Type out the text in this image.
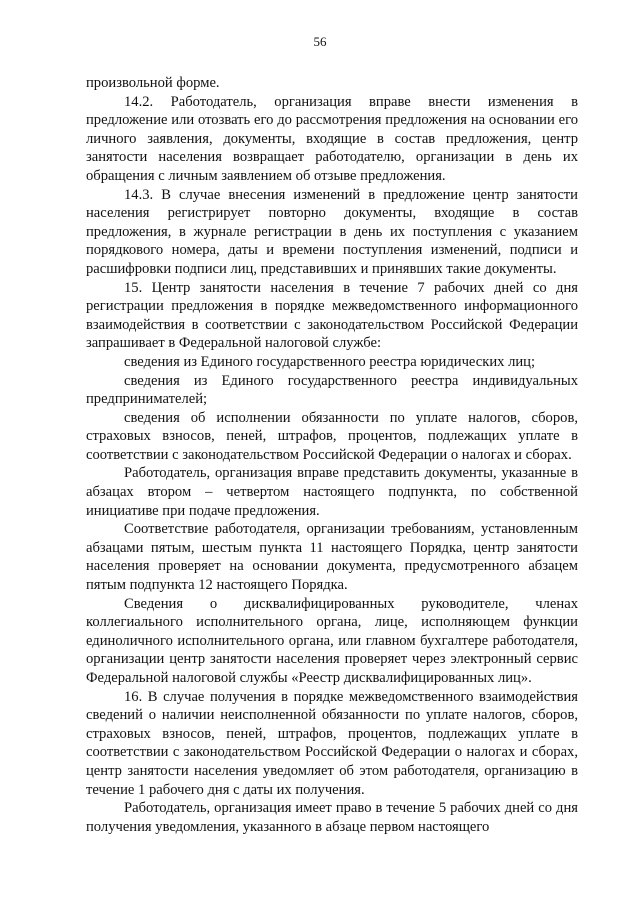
56

произвольной форме.

14.2. Работодатель, организация вправе внести изменения в предложение или отозвать его до рассмотрения предложения на основании его личного заявления, документы, входящие в состав предложения, центр занятости населения возвращает работодателю, организации в день их обращения с личным заявлением об отзыве предложения.

14.3. В случае внесения изменений в предложение центр занятости населения регистрирует повторно документы, входящие в состав предложения, в журнале регистрации в день их поступления с указанием порядкового номера, даты и времени поступления изменений, подписи и расшифровки подписи лиц, представивших и принявших такие документы.

15. Центр занятости населения в течение 7 рабочих дней со дня регистрации предложения в порядке межведомственного информационного взаимодействия в соответствии с законодательством Российской Федерации запрашивает в Федеральной налоговой службе:

сведения из Единого государственного реестра юридических лиц;

сведения из Единого государственного реестра индивидуальных предпринимателей;

сведения об исполнении обязанности по уплате налогов, сборов, страховых взносов, пеней, штрафов, процентов, подлежащих уплате в соответствии с законодательством Российской Федерации о налогах и сборах.

Работодатель, организация вправе представить документы, указанные в абзацах втором – четвертом настоящего подпункта, по собственной инициативе при подаче предложения.

Соответствие работодателя, организации требованиям, установленным абзацами пятым, шестым пункта 11 настоящего Порядка, центр занятости населения проверяет на основании документа, предусмотренного абзацем пятым подпункта 12 настоящего Порядка.

Сведения о дисквалифицированных руководителе, членах коллегиального исполнительного органа, лице, исполняющем функции единоличного исполнительного органа, или главном бухгалтере работодателя, организации центр занятости населения проверяет через электронный сервис Федеральной налоговой службы «Реестр дисквалифицированных лиц».

16. В случае получения в порядке межведомственного взаимодействия сведений о наличии неисполненной обязанности по уплате налогов, сборов, страховых взносов, пеней, штрафов, процентов, подлежащих уплате в соответствии с законодательством Российской Федерации о налогах и сборах, центр занятости населения уведомляет об этом работодателя, организацию в течение 1 рабочего дня с даты их получения.

Работодатель, организация имеет право в течение 5 рабочих дней со дня получения уведомления, указанного в абзаце первом настоящего
